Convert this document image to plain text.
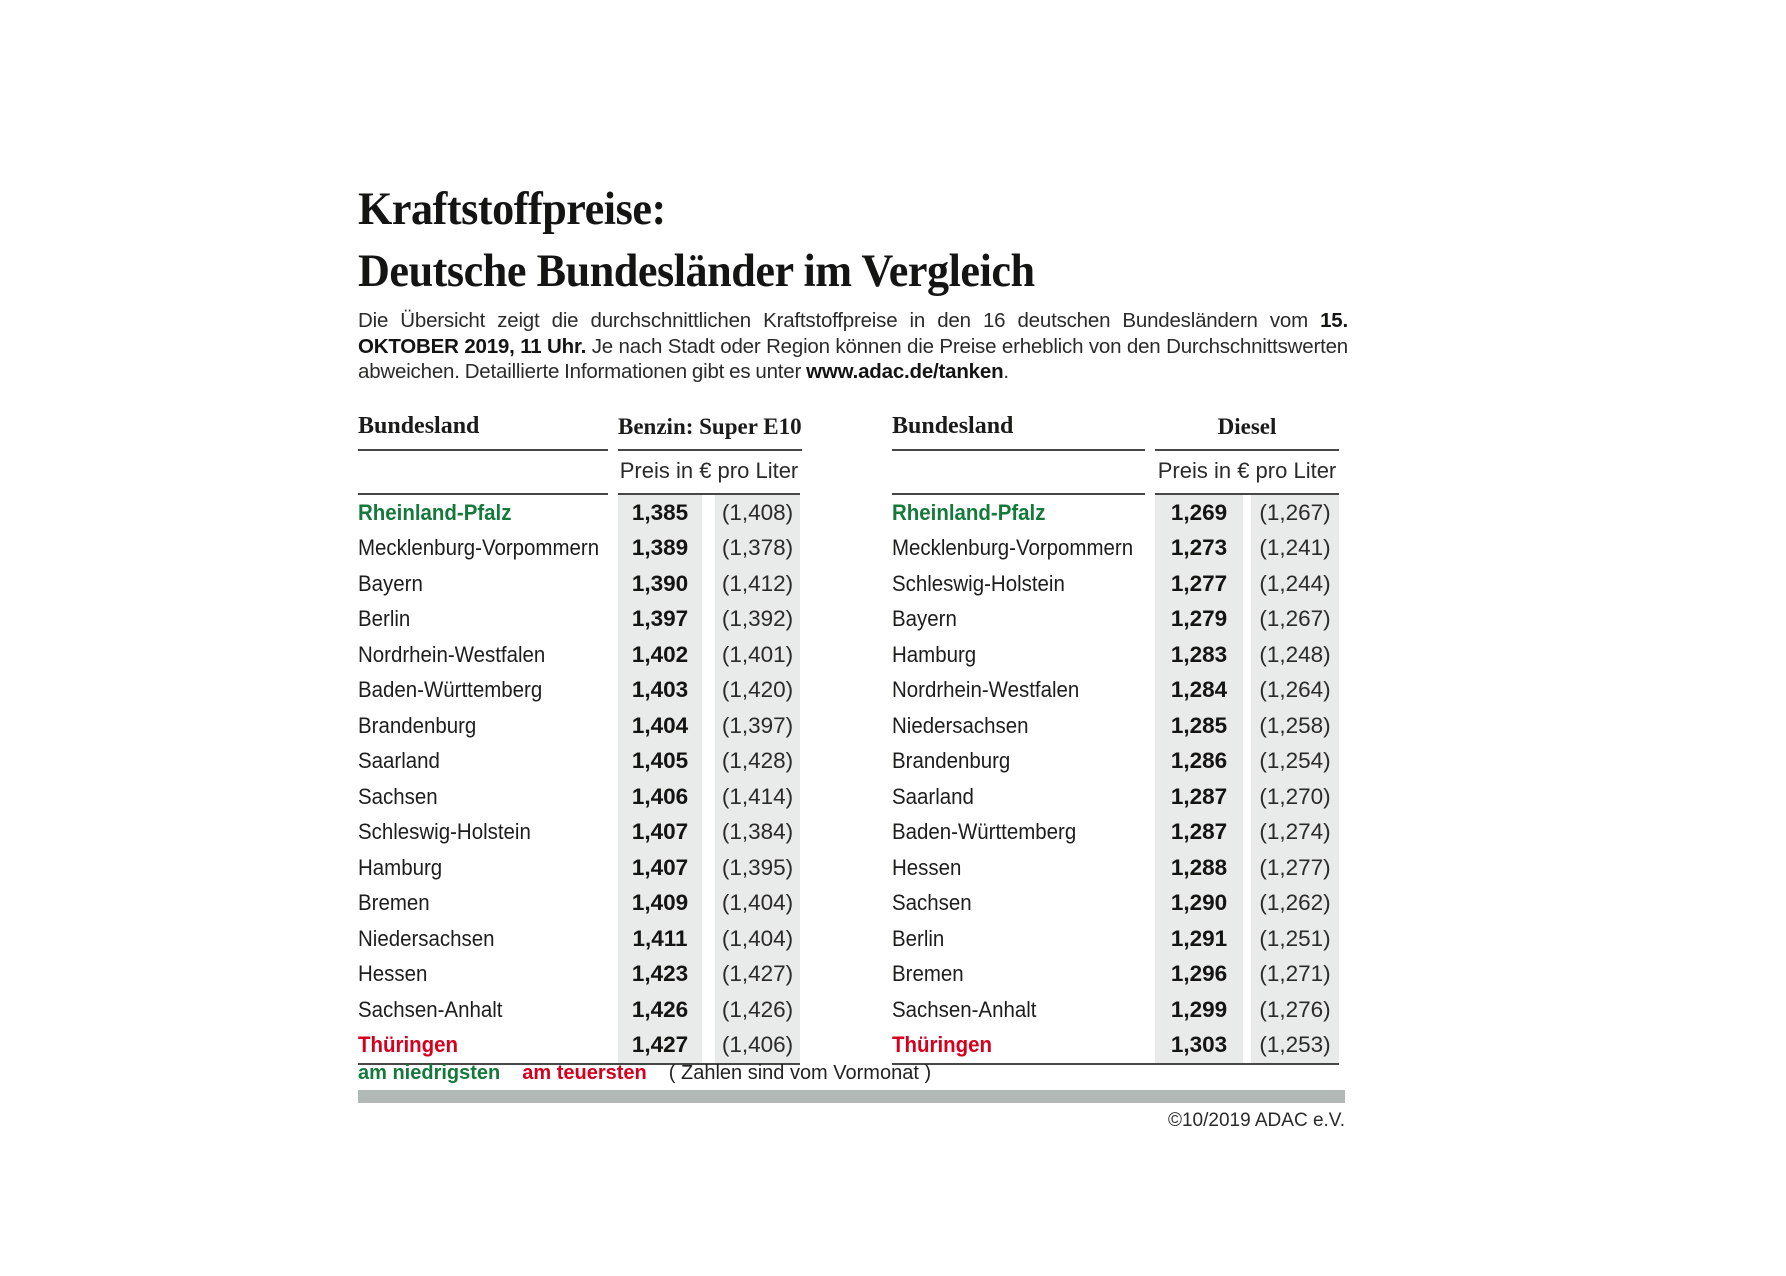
Kraftstoffpreise:
Deutsche Bundesländer im Vergleich

Die Übersicht zeigt die durchschnittlichen Kraftstoffpreise in den 16 deutschen Bundesländern vom 15. OKTOBER 2019, 11 Uhr. Je nach Stadt oder Region können die Preise erheblich von den Durchschnittswerten abweichen. Detaillierte Informationen gibt es unter www.adac.de/tanken.

Bundesland	Benzin: Super E10
Preis in € pro Liter
Rheinland-Pfalz	1,385	(1,408)
Mecklenburg-Vorpommern	1,389	(1,378)
Bayern	1,390	(1,412)
Berlin	1,397	(1,392)
Nordrhein-Westfalen	1,402	(1,401)
Baden-Württemberg	1,403	(1,420)
Brandenburg	1,404	(1,397)
Saarland	1,405	(1,428)
Sachsen	1,406	(1,414)
Schleswig-Holstein	1,407	(1,384)
Hamburg	1,407	(1,395)
Bremen	1,409	(1,404)
Niedersachsen	1,411	(1,404)
Hessen	1,423	(1,427)
Sachsen-Anhalt	1,426	(1,426)
Thüringen	1,427	(1,406)
Bundesland	Diesel
Preis in € pro Liter
Rheinland-Pfalz	1,269	(1,267)
Mecklenburg-Vorpommern	1,273	(1,241)
Schleswig-Holstein	1,277	(1,244)
Bayern	1,279	(1,267)
Hamburg	1,283	(1,248)
Nordrhein-Westfalen	1,284	(1,264)
Niedersachsen	1,285	(1,258)
Brandenburg	1,286	(1,254)
Saarland	1,287	(1,270)
Baden-Württemberg	1,287	(1,274)
Hessen	1,288	(1,277)
Sachsen	1,290	(1,262)
Berlin	1,291	(1,251)
Bremen	1,296	(1,271)
Sachsen-Anhalt	1,299	(1,276)
Thüringen	1,303	(1,253)
am niedrigsten am teuersten ( Zahlen sind vom Vormonat )
©10/2019 ADAC e.V.
